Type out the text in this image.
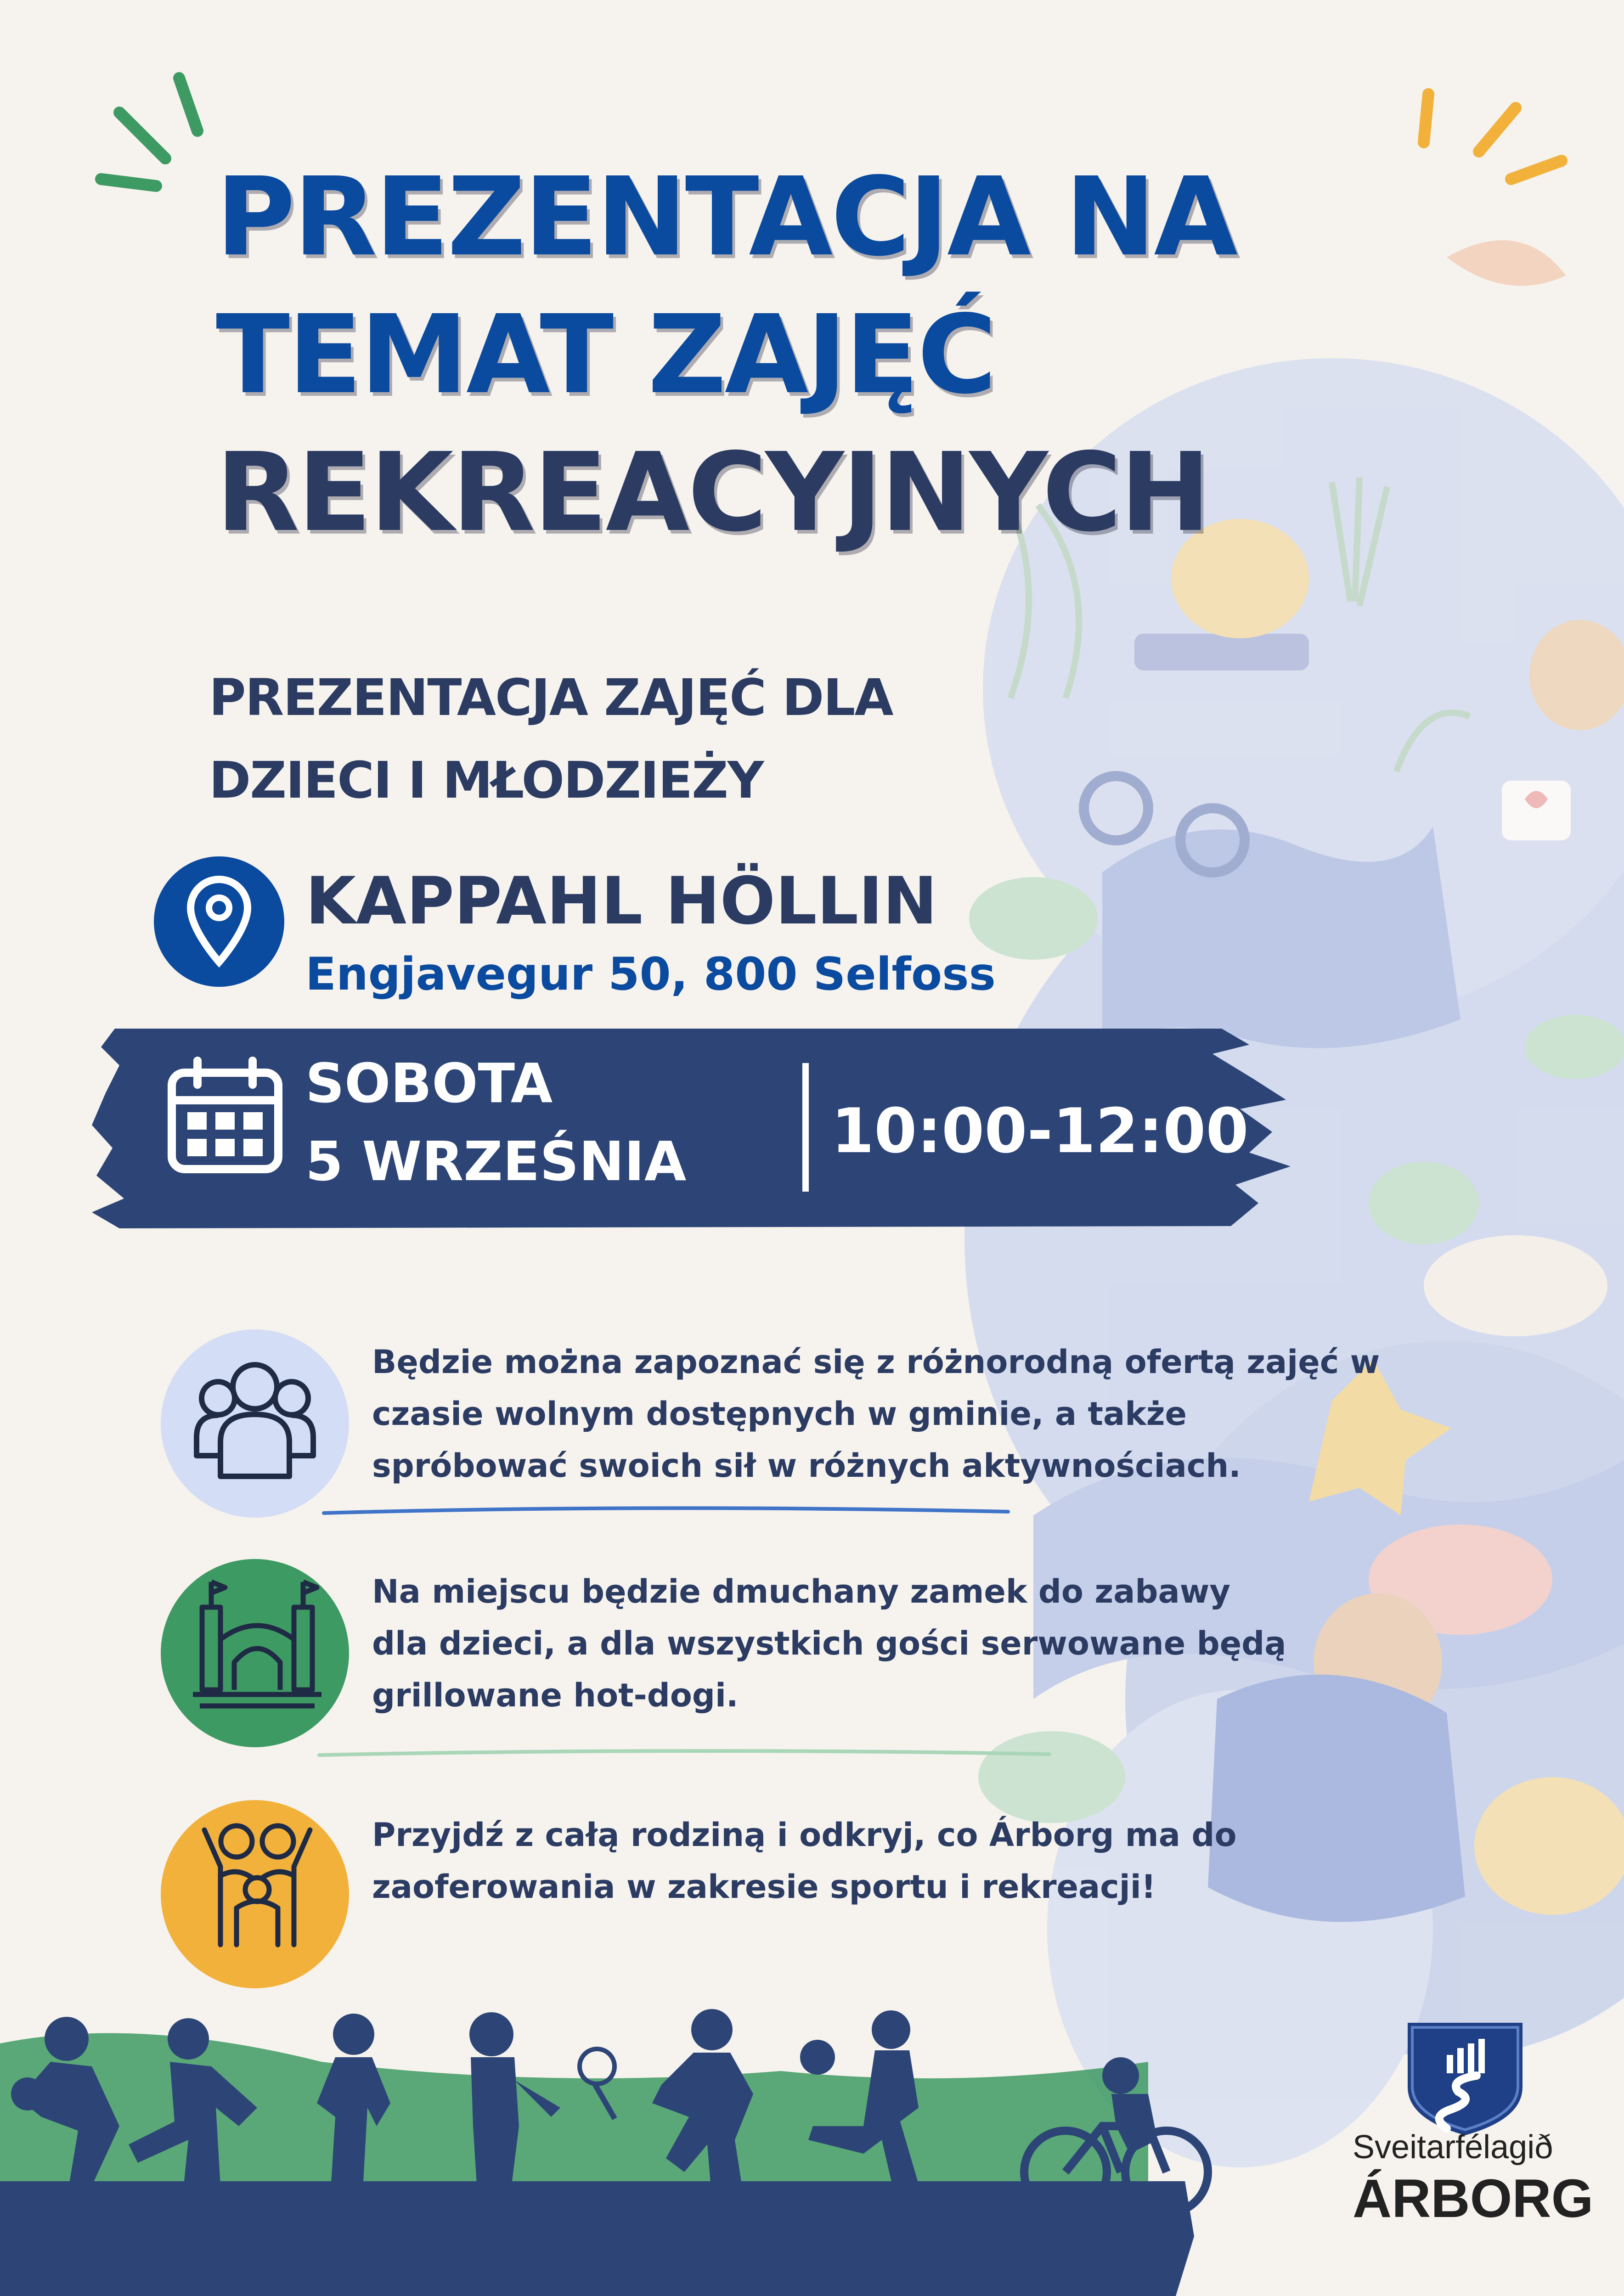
PREZENTACJA NA
TEMAT ZAJĘĆ
REKREACYJNYCH
PREZENTACJA ZAJĘĆ DLA
DZIECI I MŁODZIEŻY
KAPPAHL HÖLLIN
Engjavegur 50, 800 Selfoss
SOBOTA
5 WRZEŚNIA 10:00-12:00
Będzie można zapoznać się z różnorodną ofertą zajęć w
czasie wolnym dostępnych w gminie, a także
spróbować swoich sił w różnych aktywnościach.
Na miejscu będzie dmuchany zamek do zabawy
dla dzieci, a dla wszystkich gości serwowane będą
grillowane hot-dogi.
Przyjdź z całą rodziną i odkryj, co Árborg ma do
zaoferowania w zakresie sportu i rekreacji!
Sveitarfélagið
ÁRBORG
